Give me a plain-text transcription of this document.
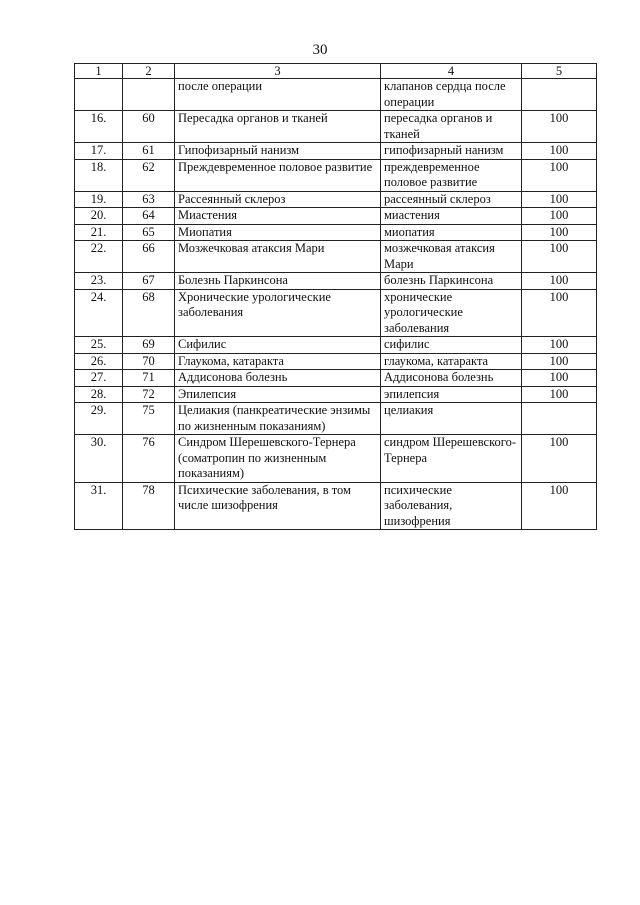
30
1	2	3	4	5
		после операции	клапанов сердца после операции	
16.	60	Пересадка органов и тканей	пересадка органов и тканей	100
17.	61	Гипофизарный нанизм	гипофизарный нанизм	100
18.	62	Преждевременное половое развитие	преждевременное половое развитие	100
19.	63	Рассеянный склероз	рассеянный склероз	100
20.	64	Миастения	миастения	100
21.	65	Миопатия	миопатия	100
22.	66	Мозжечковая атаксия Мари	мозжечковая атаксия Мари	100
23.	67	Болезнь Паркинсона	болезнь Паркинсона	100
24.	68	Хронические урологические заболевания	хронические урологические заболевания	100
25.	69	Сифилис	сифилис	100
26.	70	Глаукома, катаракта	глаукома, катаракта	100
27.	71	Аддисонова болезнь	Аддисонова болезнь	100
28.	72	Эпилепсия	эпилепсия	100
29.	75	Целиакия (панкреатические энзимы по жизненным показаниям)	целиакия	
30.	76	Синдром Шерешевского-Тернера (соматропин по жизненным показаниям)	синдром Шерешевского-Тернера	100
31.	78	Психические заболевания, в том числе шизофрения	психические заболевания, шизофрения	100
